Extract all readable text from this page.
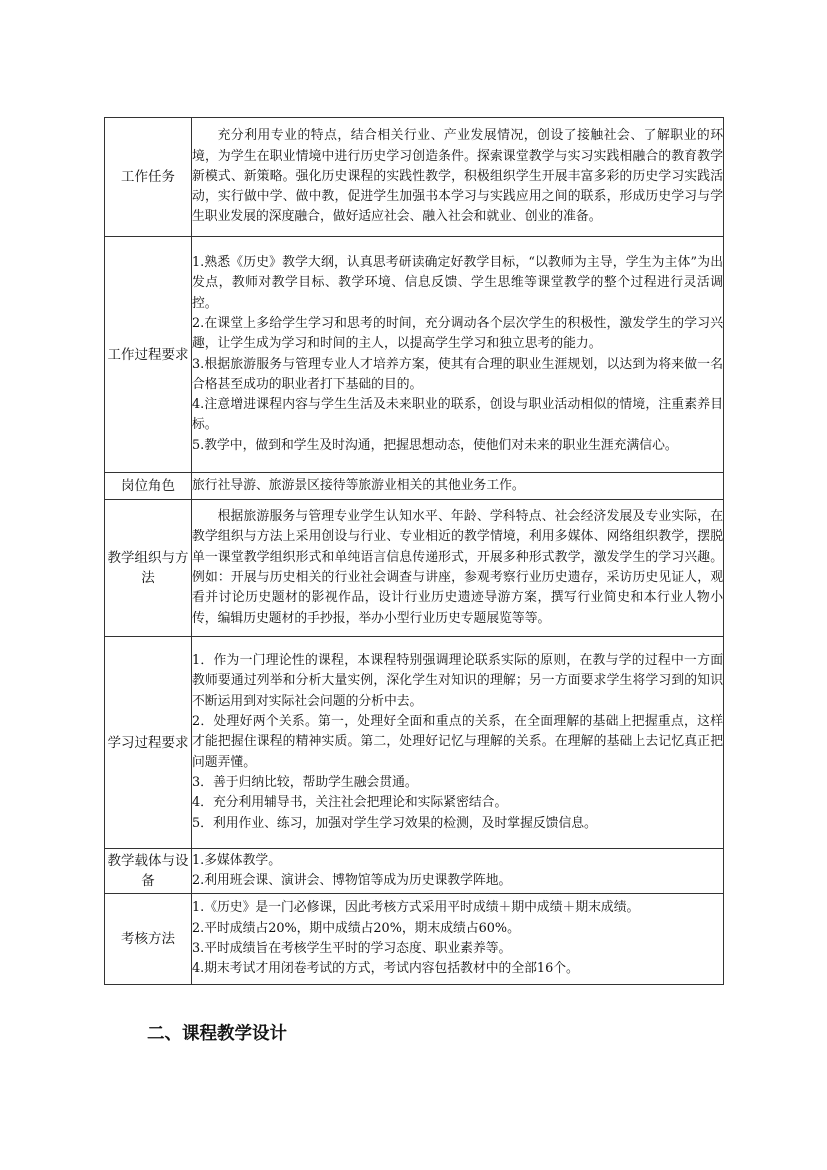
工作任务	充分利用专业的特点，结合相关行业、产业发展情况，创设了接触社会、了解职业的环境，为学生在职业情境中进行历史学习创造条件。探索课堂教学与实习实践相融合的教育教学新模式、新策略。强化历史课程的实践性教学，积极组织学生开展丰富多彩的历史学习实践活动，实行做中学、做中教，促进学生加强书本学习与实践应用之间的联系，形成历史学习与学生职业发展的深度融合，做好适应社会、融入社会和就业、创业的准备。

工作过程要求	1.熟悉《历史》教学大纲，认真思考研读确定好教学目标，“以教师为主导，学生为主体”为出发点，教师对教学目标、教学环境、信息反馈、学生思维等课堂教学的整个过程进行灵活调控。
2.在课堂上多给学生学习和思考的时间，充分调动各个层次学生的积极性，激发学生的学习兴趣，让学生成为学习和时间的主人，以提高学生学习和独立思考的能力。
3.根据旅游服务与管理专业人才培养方案，使其有合理的职业生涯规划，以达到为将来做一名合格甚至成功的职业者打下基础的目的。
4.注意增进课程内容与学生生活及未来职业的联系，创设与职业活动相似的情境，注重素养目标。
5.教学中，做到和学生及时沟通，把握思想动态，使他们对未来的职业生涯充满信心。

岗位角色	旅行社导游、旅游景区接待等旅游业相关的其他业务工作。

教学组织与方法	根据旅游服务与管理专业学生认知水平、年龄、学科特点、社会经济发展及专业实际，在教学组织与方法上采用创设与行业、专业相近的教学情境，利用多媒体、网络组织教学，摆脱单一课堂教学组织形式和单纯语言信息传递形式，开展多种形式教学，激发学生的学习兴趣。例如：开展与历史相关的行业社会调查与讲座，参观考察行业历史遗存，采访历史见证人，观看并讨论历史题材的影视作品，设计行业历史遗迹导游方案，撰写行业简史和本行业人物小传，编辑历史题材的手抄报，举办小型行业历史专题展览等等。

学习过程要求	1．作为一门理论性的课程，本课程特别强调理论联系实际的原则，在教与学的过程中一方面教师要通过列举和分析大量实例，深化学生对知识的理解；另一方面要求学生将学习到的知识不断运用到对实际社会问题的分析中去。
2．处理好两个关系。第一，处理好全面和重点的关系，在全面理解的基础上把握重点，这样才能把握住课程的精神实质。第二，处理好记忆与理解的关系。在理解的基础上去记忆真正把问题弄懂。
3．善于归纳比较，帮助学生融会贯通。
4．充分利用辅导书，关注社会把理论和实际紧密结合。
5．利用作业、练习，加强对学生学习效果的检测，及时掌握反馈信息。

教学载体与设备	1.多媒体教学。
2.利用班会课、演讲会、博物馆等成为历史课教学阵地。

考核方法	1.《历史》是一门必修课，因此考核方式采用平时成绩＋期中成绩＋期末成绩。
2.平时成绩占20%，期中成绩占20%，期末成绩占60%。
3.平时成绩旨在考核学生平时的学习态度、职业素养等。
4.期末考试才用闭卷考试的方式，考试内容包括教材中的全部16个。
二、课程教学设计
